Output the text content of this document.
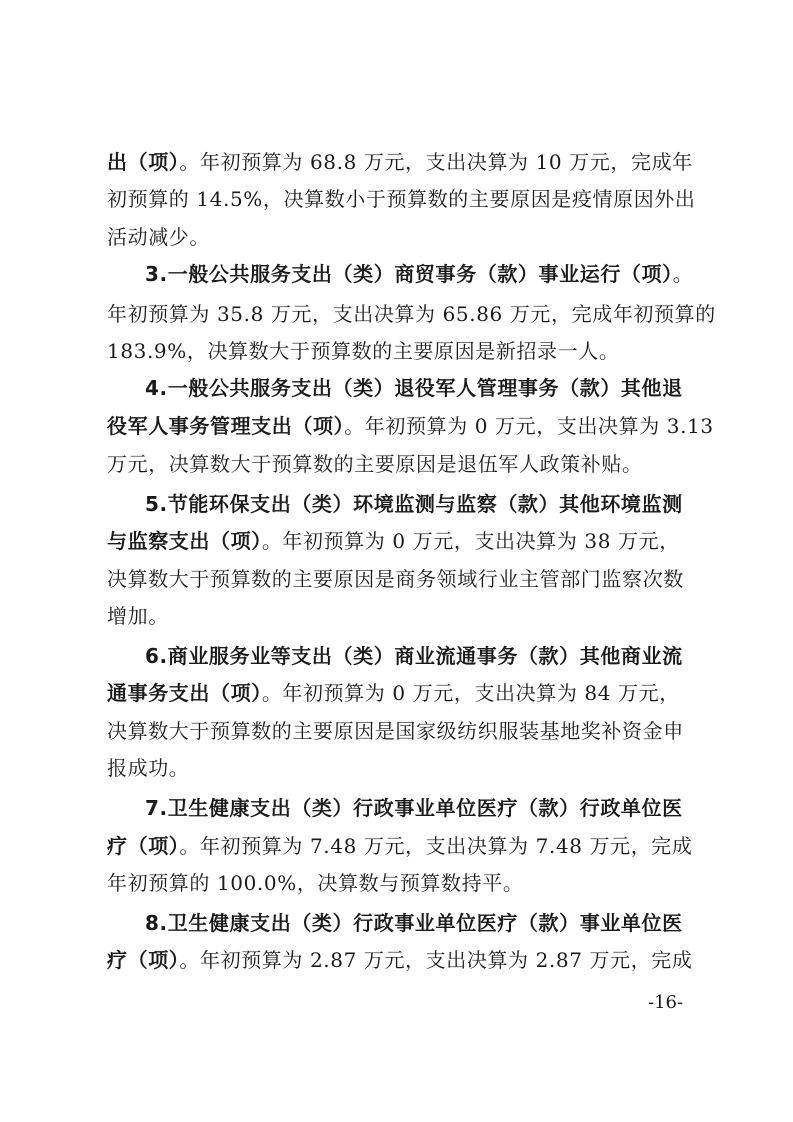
出（项）。年初预算为 68.8 万元，支出决算为 10 万元，完成年
初预算的 14.5%，决算数小于预算数的主要原因是疫情原因外出
活动减少。
3.一般公共服务支出（类）商贸事务（款）事业运行（项）。
年初预算为 35.8 万元，支出决算为 65.86 万元，完成年初预算的
183.9%，决算数大于预算数的主要原因是新招录一人。
4.一般公共服务支出（类）退役军人管理事务（款）其他退
役军人事务管理支出（项）。年初预算为 0 万元，支出决算为 3.13
万元，决算数大于预算数的主要原因是退伍军人政策补贴。
5.节能环保支出（类）环境监测与监察（款）其他环境监测
与监察支出（项）。年初预算为 0 万元，支出决算为 38 万元，
决算数大于预算数的主要原因是商务领域行业主管部门监察次数
增加。
6.商业服务业等支出（类）商业流通事务（款）其他商业流
通事务支出（项）。年初预算为 0 万元，支出决算为 84 万元，
决算数大于预算数的主要原因是国家级纺织服装基地奖补资金申
报成功。
7.卫生健康支出（类）行政事业单位医疗（款）行政单位医
疗（项）。年初预算为 7.48 万元，支出决算为 7.48 万元，完成
年初预算的 100.0%，决算数与预算数持平。
8.卫生健康支出（类）行政事业单位医疗（款）事业单位医
疗（项）。年初预算为 2.87 万元，支出决算为 2.87 万元，完成
-16-
